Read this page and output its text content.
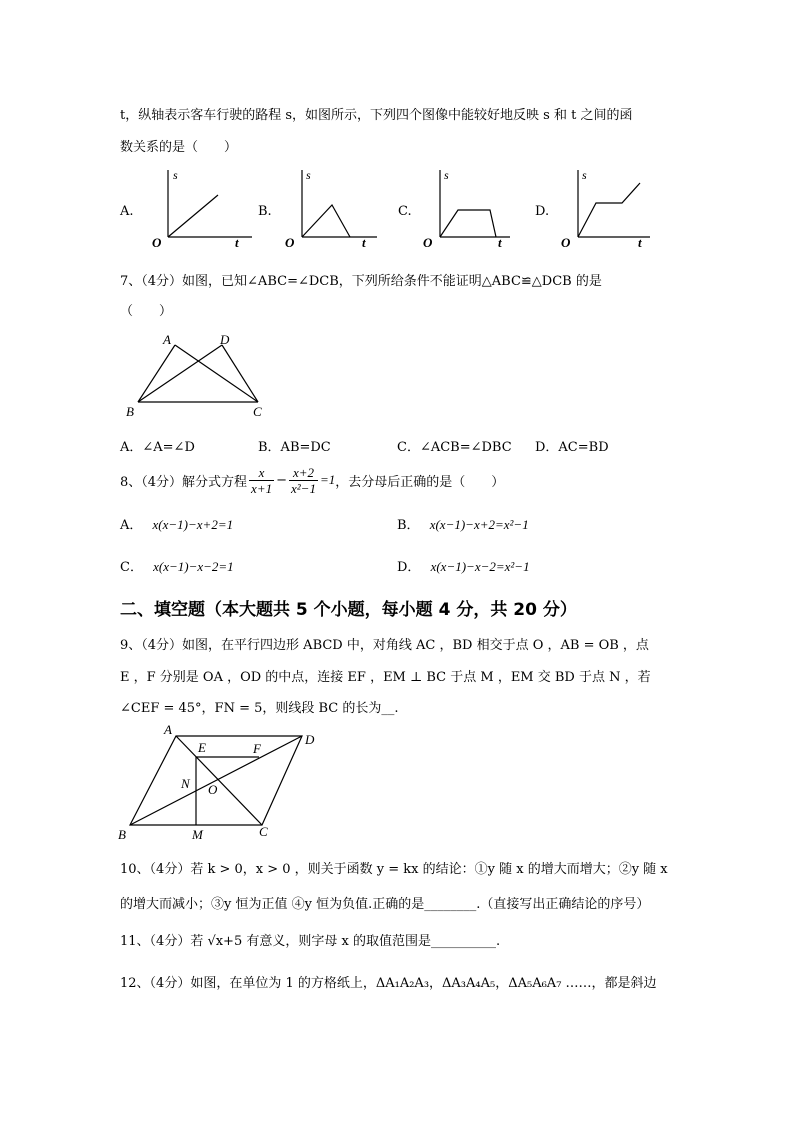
t，纵轴表示客车行驶的路程 s，如图所示，下列四个图像中能较好地反映 s 和 t 之间的函
数关系的是（　　）
A.
s
O	t
B.
s
O	t
C.
s
O	t
D.
s
O	t
7、（4分）如图，已知∠ABC=∠DCB，下列所给条件不能证明△ABC≌△DCB 的是
（　　）
A	D
B	C
A．∠A=∠D	B．AB=DC	C．∠ACB=∠DBC D．AC=BD
8、（4分）解分式方程 $\frac{x}{x+1} - \frac{x+2}{\text{x²−1}} =1$ ，去分母后正确的是（　　）
A． x(x−1)−x+2=1	B． x(x−1)−x+2=x²−1
C． x(x−1)−x−2=1	D． x(x−1)−x−2=x²−1
二、填空题（本大题共 5 个小题，每小题 4 分，共 20 分）
9、（4分）如图，在平行四边形 ABCD 中，对角线 AC ，BD 相交于点 O ，AB = OB ，点
E ，F 分别是 OA ，OD 的中点，连接 EF ，EM ⊥ BC 于点 M ，EM 交 BD 于点 N ，若
∠CEF = 45°，FN = 5，则线段 BC 的长为__.
A
D
E	F
N O
B	M	C
10、（4分）若 k > 0，x > 0 ，则关于函数 y = kx 的结论：①y 随 x 的增大而增大；②y 随 x
的增大而减小；③y 恒为正值 ④y 恒为负值.正确的是________.（直接写出正确结论的序号）
11、（4分）若 √x+5 有意义，则字母 x 的取值范围是__________.
12、（4分）如图，在单位为 1 的方格纸上，ΔA₁A₂A₃，ΔA₃A₄A₅，ΔA₅A₆A₇ ……，都是斜边
